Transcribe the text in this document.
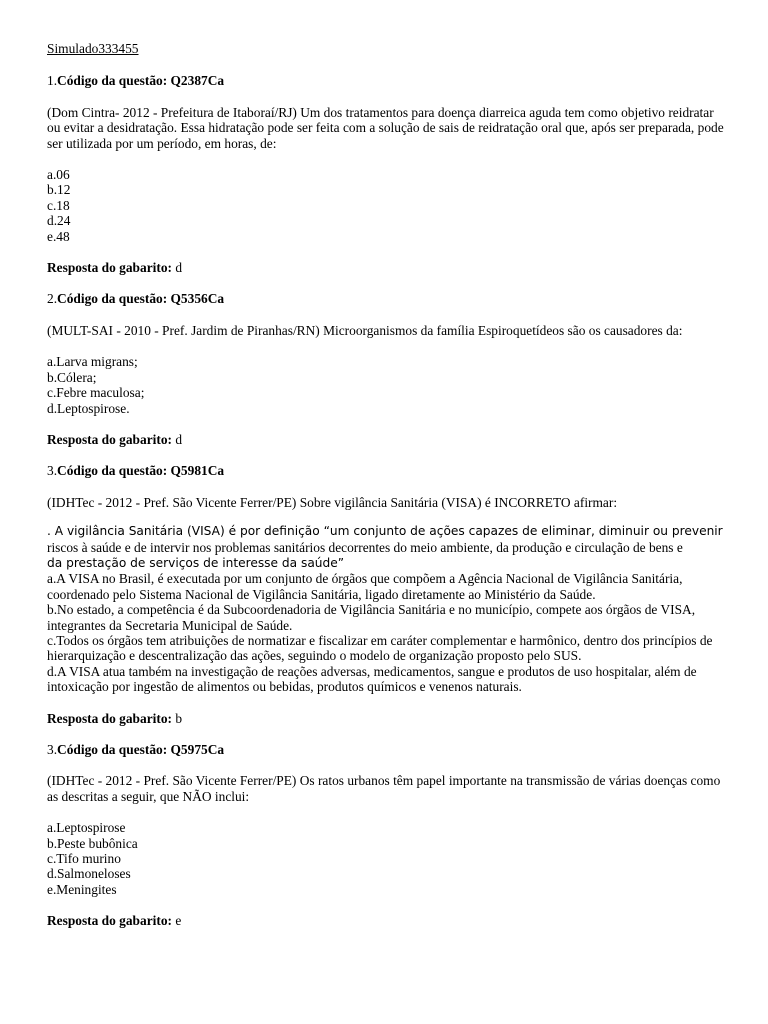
Simulado333455
1.Código da questão: Q2387Ca
(Dom Cintra- 2012 - Prefeitura de Itaboraí/RJ) Um dos tratamentos para doença diarreica aguda tem como objetivo reidratar ou evitar a desidratação. Essa hidratação pode ser feita com a solução de sais de reidratação oral que, após ser preparada, pode ser utilizada por um período, em horas, de:
a.06
b.12
c.18
d.24
e.48
Resposta do gabarito: d
2.Código da questão: Q5356Ca
(MULT-SAI - 2010 - Pref. Jardim de Piranhas/RN) Microorganismos da família Espiroquetídeos são os causadores da:
a.Larva migrans;
b.Cólera;
c.Febre maculosa;
d.Leptospirose.
Resposta do gabarito: d
3.Código da questão: Q5981Ca
(IDHTec - 2012 - Pref. São Vicente Ferrer/PE) Sobre vigilância Sanitária (VISA) é INCORRETO afirmar:
. A vigilância Sanitária (VISA) é por definição “um conjunto de ações capazes de eliminar, diminuir ou prevenir
riscos à saúde e de intervir nos problemas sanitários decorrentes do meio ambiente, da produção e circulação de bens e
da prestação de serviços de interesse da saúde”
a.A VISA no Brasil, é executada por um conjunto de órgãos que compõem a Agência Nacional de Vigilância Sanitária, coordenado pelo Sistema Nacional de Vigilância Sanitária, ligado diretamente ao Ministério da Saúde.
b.No estado, a competência é da Subcoordenadoria de Vigilância Sanitária e no município, compete aos órgãos de VISA, integrantes da Secretaria Municipal de Saúde.
c.Todos os órgãos tem atribuições de normatizar e fiscalizar em caráter complementar e harmônico, dentro dos princípios de hierarquização e descentralização das ações, seguindo o modelo de organização proposto pelo SUS.
d.A VISA atua também na investigação de reações adversas, medicamentos, sangue e produtos de uso hospitalar, além de intoxicação por ingestão de alimentos ou bebidas, produtos químicos e venenos naturais.
Resposta do gabarito: b
3.Código da questão: Q5975Ca
(IDHTec - 2012 - Pref. São Vicente Ferrer/PE) Os ratos urbanos têm papel importante na transmissão de várias doenças como as descritas a seguir, que NÃO inclui:
a.Leptospirose
b.Peste bubônica
c.Tifo murino
d.Salmoneloses
e.Meningites
Resposta do gabarito: e
